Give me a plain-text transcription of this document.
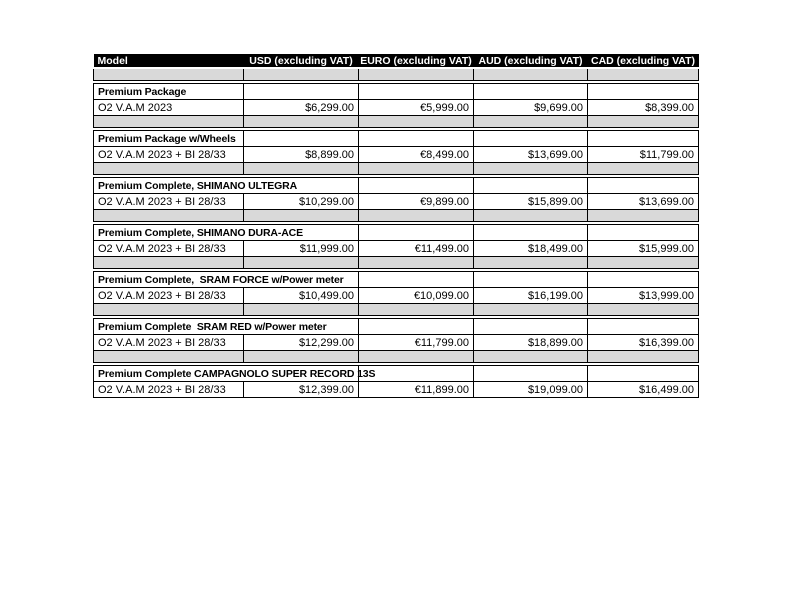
Model	USD (excluding VAT)	EURO (excluding VAT)	AUD (excluding VAT)	CAD (excluding VAT)

Premium Package				
O2 V.A.M 2023	$6,299.00	€5,999.00	$9,699.00	$8,399.00

Premium Package w/Wheels				
O2 V.A.M 2023 + BI 28/33	$8,899.00	€8,499.00	$13,699.00	$11,799.00

Premium Complete, SHIMANO ULTEGRA				
O2 V.A.M 2023 + BI 28/33	$10,299.00	€9,899.00	$15,899.00	$13,699.00

Premium Complete, SHIMANO DURA-ACE				
O2 V.A.M 2023 + BI 28/33	$11,999.00	€11,499.00	$18,499.00	$15,999.00

Premium Complete,  SRAM FORCE w/Power meter				
O2 V.A.M 2023 + BI 28/33	$10,499.00	€10,099.00	$16,199.00	$13,999.00

Premium Complete  SRAM RED w/Power meter				
O2 V.A.M 2023 + BI 28/33	$12,299.00	€11,799.00	$18,899.00	$16,399.00

Premium Complete CAMPAGNOLO SUPER RECORD 13S				
O2 V.A.M 2023 + BI 28/33	$12,399.00	€11,899.00	$19,099.00	$16,499.00
